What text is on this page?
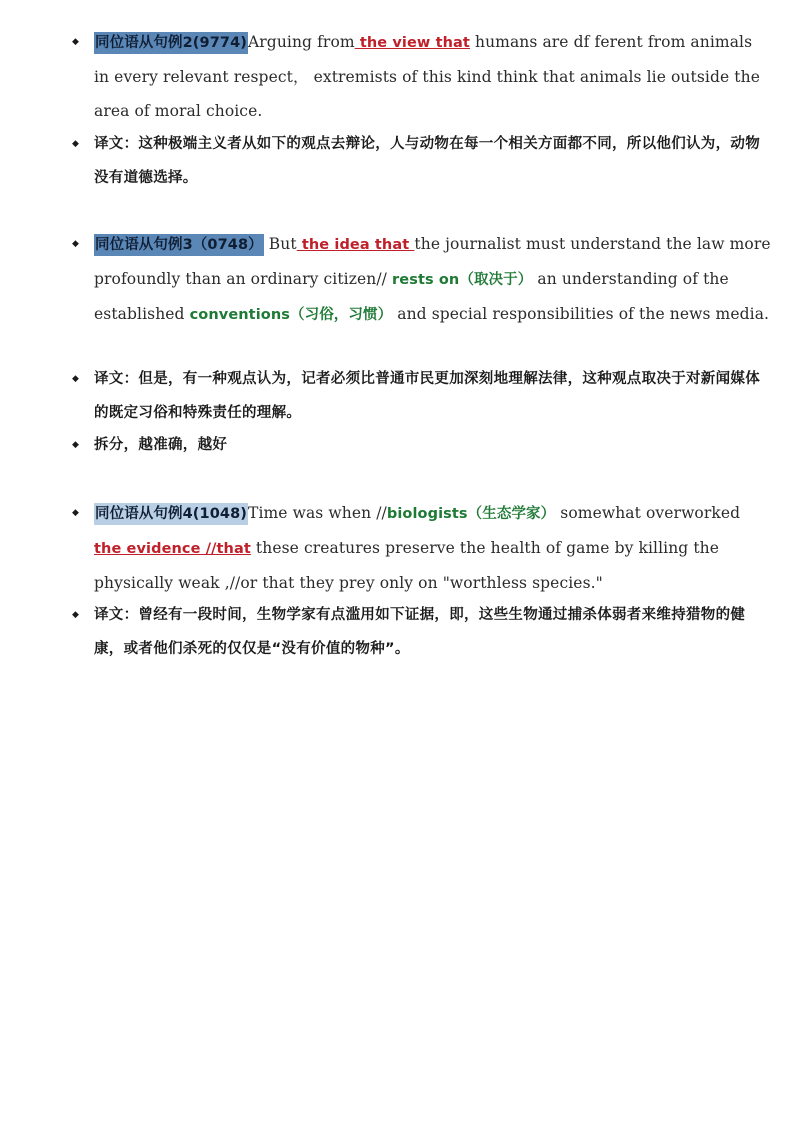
◆	同位语从句例2(9774)Arguing from the view that humans are df ferent from animals in every relevant respect， extremists of this kind think that animals lie outside the area of moral choice.
◆	译文：这种极端主义者从如下的观点去辩论，人与动物在每一个相关方面都不同，所以他们认为，动物没有道德选择。
◆	同位语从句例3（0748） But the idea that the journalist must understand the law more profoundly than an ordinary citizen// rests on（取决于） an understanding of the established conventions（习俗，习惯） and special responsibilities of the news media.
◆	译文：但是，有一种观点认为，记者必须比普通市民更加深刻地理解法律，这种观点取决于对新闻媒体的既定习俗和特殊责任的理解。
◆	拆分，越准确，越好
◆	同位语从句例4(1048)Time was when //biologists（生态学家） somewhat overworked the evidence //that these creatures preserve the health of game by killing the physically weak ,//or that they prey only on "worthless species."
◆	译文：曾经有一段时间，生物学家有点滥用如下证据，即，这些生物通过捕杀体弱者来维持猎物的健康，或者他们杀死的仅仅是“没有价值的物种”。
